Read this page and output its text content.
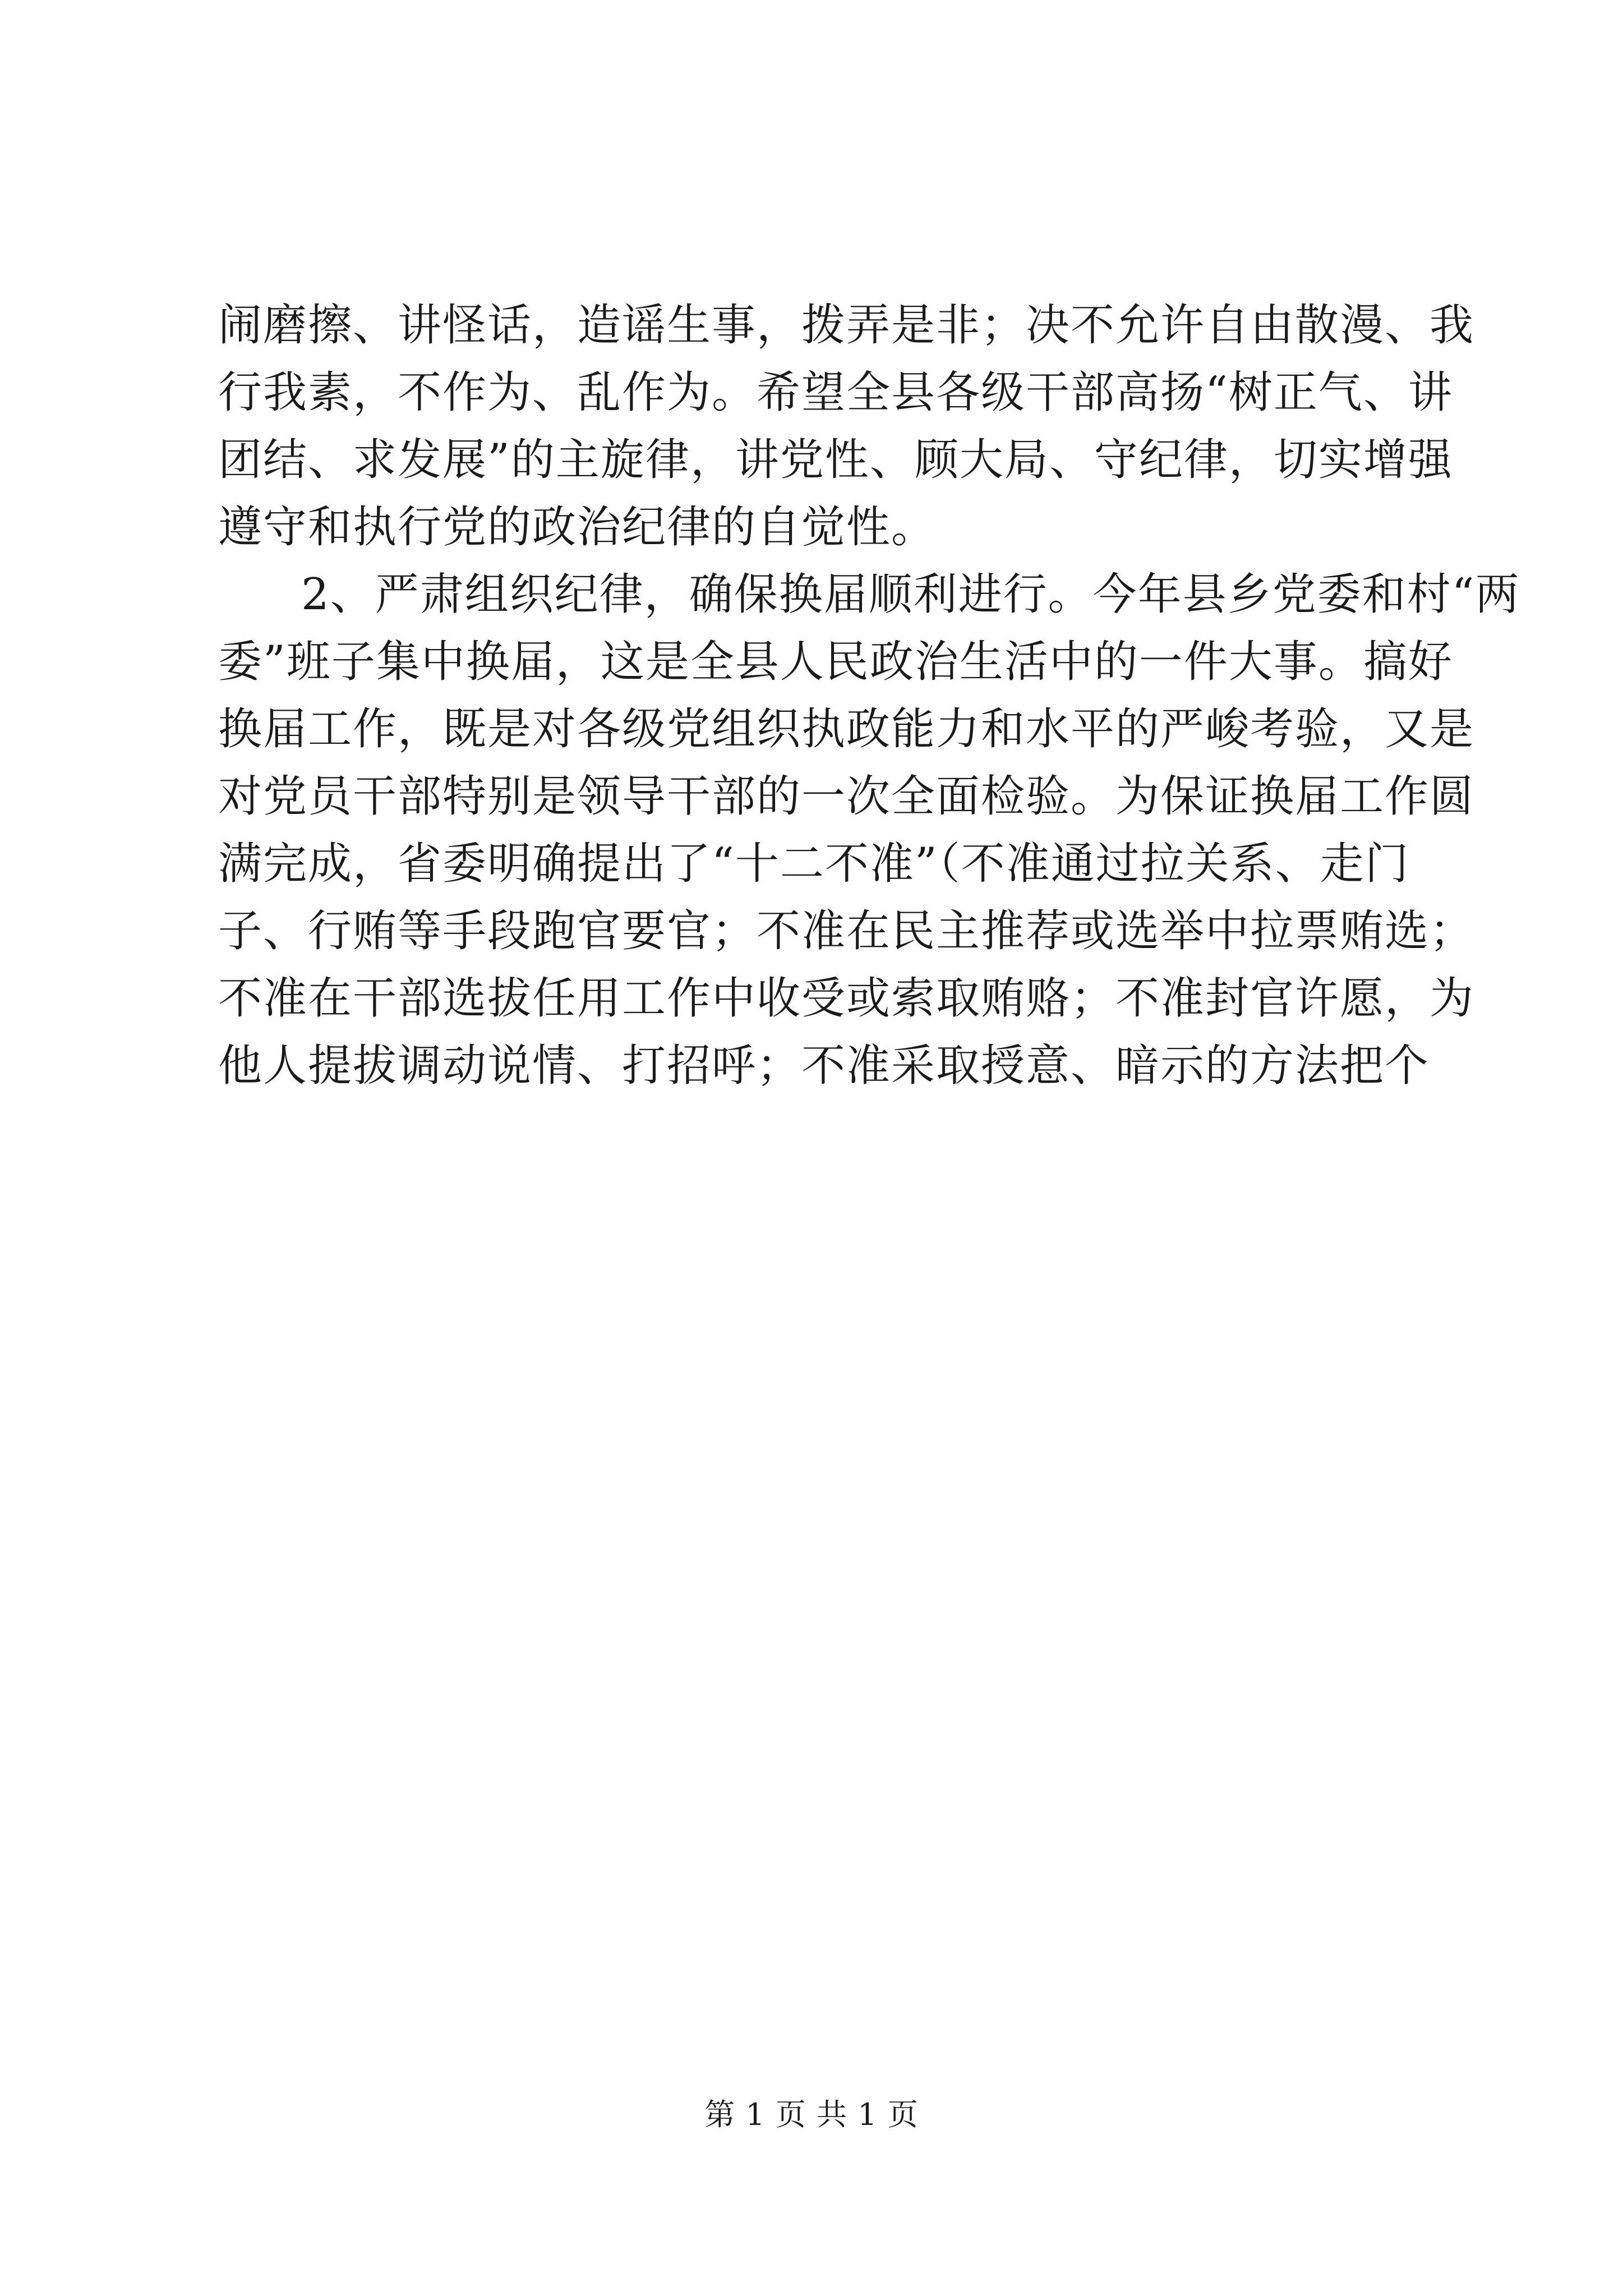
闹磨擦、讲怪话，造谣生事，拨弄是非；决不允许自由散漫、我
行我素，不作为、乱作为。希望全县各级干部高扬“树正气、讲
团结、求发展”的主旋律，讲党性、顾大局、守纪律，切实增强
遵守和执行党的政治纪律的自觉性。
2、严肃组织纪律，确保换届顺利进行。今年县乡党委和村“两
委”班子集中换届，这是全县人民政治生活中的一件大事。搞好
换届工作，既是对各级党组织执政能力和水平的严峻考验，又是
对党员干部特别是领导干部的一次全面检验。为保证换届工作圆
满完成，省委明确提出了“十二不准”（不准通过拉关系、走门
子、行贿等手段跑官要官；不准在民主推荐或选举中拉票贿选；
不准在干部选拔任用工作中收受或索取贿赂；不准封官许愿，为
他人提拔调动说情、打招呼；不准采取授意、暗示的方法把个
第 1 页 共 1 页
